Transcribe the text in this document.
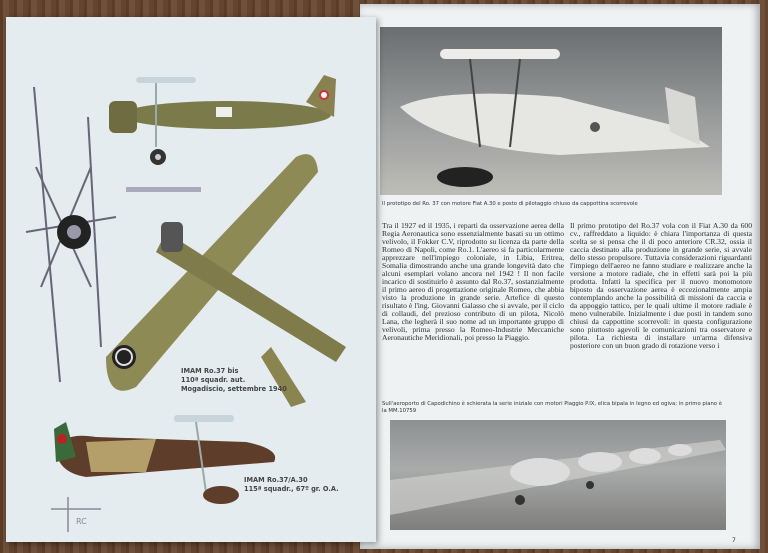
IMAM Ro.37 bis
110ª squadr. aut.
Mogadiscio, settembre 1940
IMAM Ro.37/A.30
115ª squadr., 67º gr. O.A.
RC
Il prototipo del Ro. 37 con motore Fiat A.30 e posto di pilotaggio chiuso da cappottina scorrevole
Tra il 1927 ed il 1935, i reparti da osservazione aerea della Regia Aeronautica sono essenzialmente basati su un ottimo velivolo, il Fokker C.V, riprodotto su licenza da parte della Romeo di Napoli, come Ro.1. L'aereo si fa particolarmente apprezzare nell'impiego coloniale, in Libia, Eritrea, Somalia dimostrando anche una grande longevità dato che alcuni esemplari volano ancora nel 1942 ! Il non facile incarico di sostituirlo è assunto dal Ro.37, sostanzialmente il primo aereo di progettazione originale Romeo, che abbia visto la produzione in grande serie. Artefice di questo risultato è l'ing. Giovanni Galasso che si avvale, per il ciclo di collaudi, del prezioso contributo di un pilota, Nicolò Lana, che legherà il suo nome ad un importante gruppo di velivoli, prima presso la Romeo-Industrie Meccaniche Aeronautiche Meridionali, poi presso la Piaggio.
Il primo prototipo del Ro.37 vola con il Fiat A.30 da 600 cv., raffreddato a liquido: è chiara l'importanza di questa scelta se si pensa che il di poco anteriore CR.32, ossia il caccia destinato alla produzione in grande serie, si avvale dello stesso propulsore. Tuttavia considerazioni riguardanti l'impiego dell'aereo ne fanno studiare e realizzare anche la versione a motore radiale, che in effetti sarà poi la più prodotta. Infatti la specifica per il nuovo monomotore biposto da osservazione aerea è eccezionalmente ampia contemplando anche la possibilità di missioni da caccia e da appoggio tattico, per le quali ultime il motore radiale è meno vulnerabile. Inizialmente i due posti in tandem sono chiusi da cappottine scorrevoli: in questa configurazione sono piuttosto agevoli le comunicazioni tra osservatore e pilota. La richiesta di installare un'arma difensiva posteriore con un buon grado di rotazione verso i
Sull'aeroporto di Capodichino è schierata la serie iniziale con motori Piaggio P.IX, elica bipala in legno ed ogiva; in primo piano è la MM.10759
7
